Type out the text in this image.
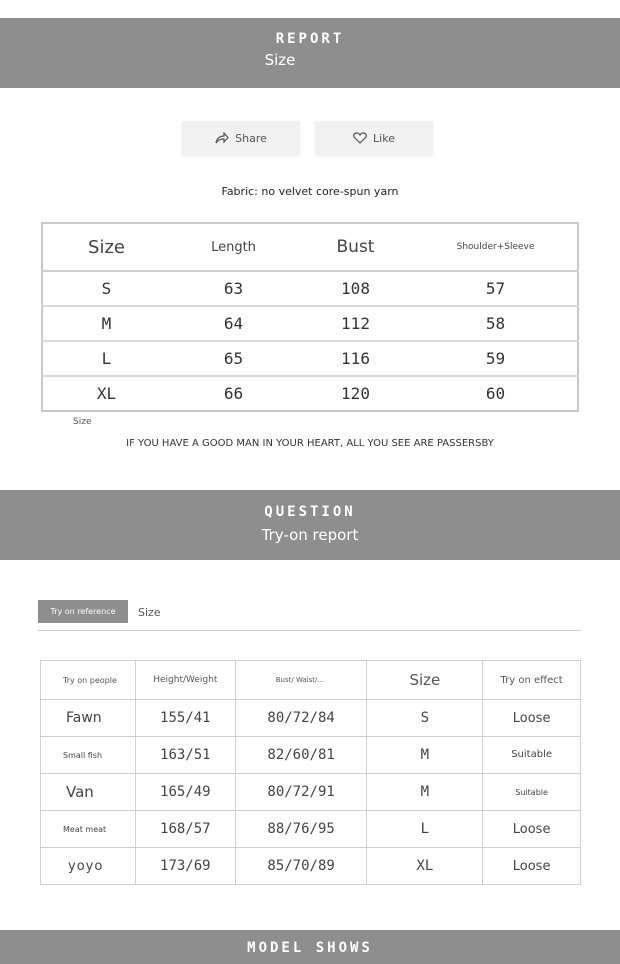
REPORT
Size
Share	Like
Fabric: no velvet core-spun yarn
Size	Length	Bust	Shoulder+Sleeve
S	63	108	57
M	64	112	58
L	65	116	59
XL	66	120	60
Size
IF YOU HAVE A GOOD MAN IN YOUR HEART, ALL YOU SEE ARE PASSERSBY
QUESTION
Try-on report
Try on reference	Size
Try on people	Height/Weight	Bust/ Waist/...	Size	Try on effect
Fawn	155/41	80/72/84	S	Loose
Small fish	163/51	82/60/81	M	Suitable
Van	165/49	80/72/91	M	Suitable
Meat meat	168/57	88/76/95	L	Loose
yoyo	173/69	85/70/89	XL	Loose
MODEL SHOWS
